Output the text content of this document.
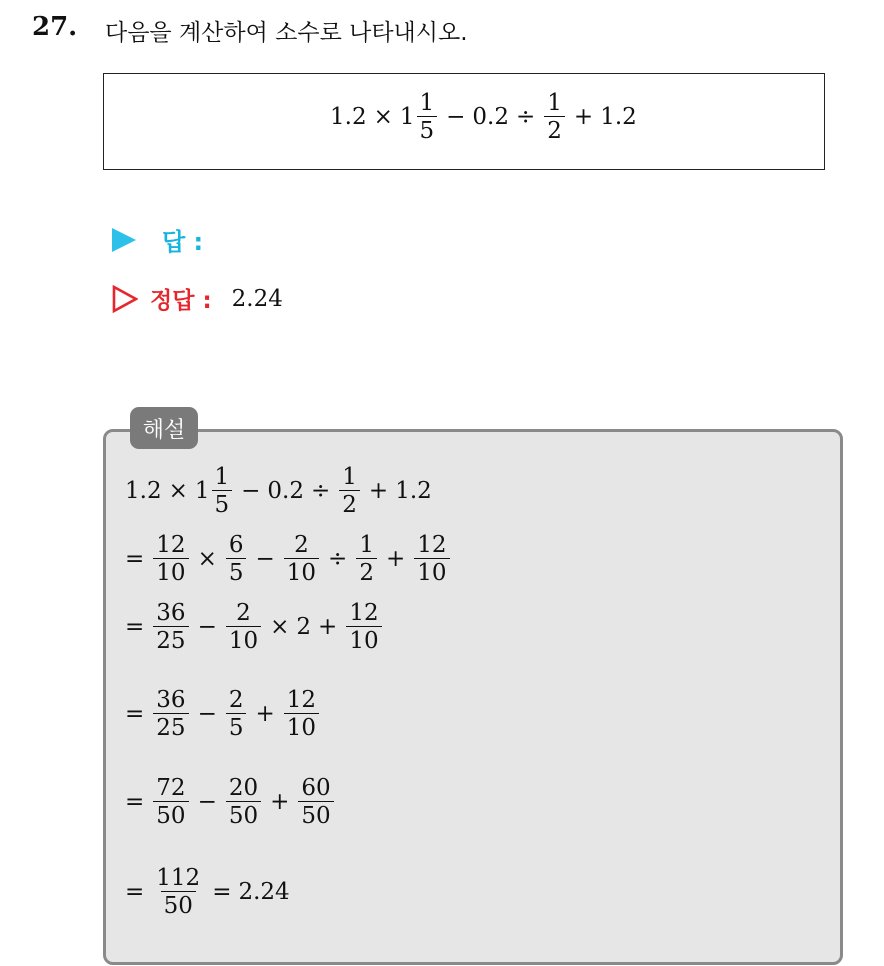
27. 다음을 계산하여 소수로 나타내시오.
$1.2 \times 1 \frac{1}{5} - 0.2 \div \frac{1}{2} + 1.2$
답 :
정답 : 2.24
해설
$1.2 \times 1 \frac{1}{5} - 0.2 \div \frac{1}{2} + 1.2$
= $\frac{12}{10} \times \frac{6}{5} - \frac{2}{10} \div \frac{1}{2} + \frac{12}{10}$
= $\frac{36}{25} - \frac{2}{10} \times 2 + \frac{12}{10}$
= $\frac{36}{25} - \frac{2}{5} + \frac{12}{10}$
= $\frac{72}{50} - \frac{20}{50} + \frac{60}{50}$
= $\frac{112}{50} = 2.24$
